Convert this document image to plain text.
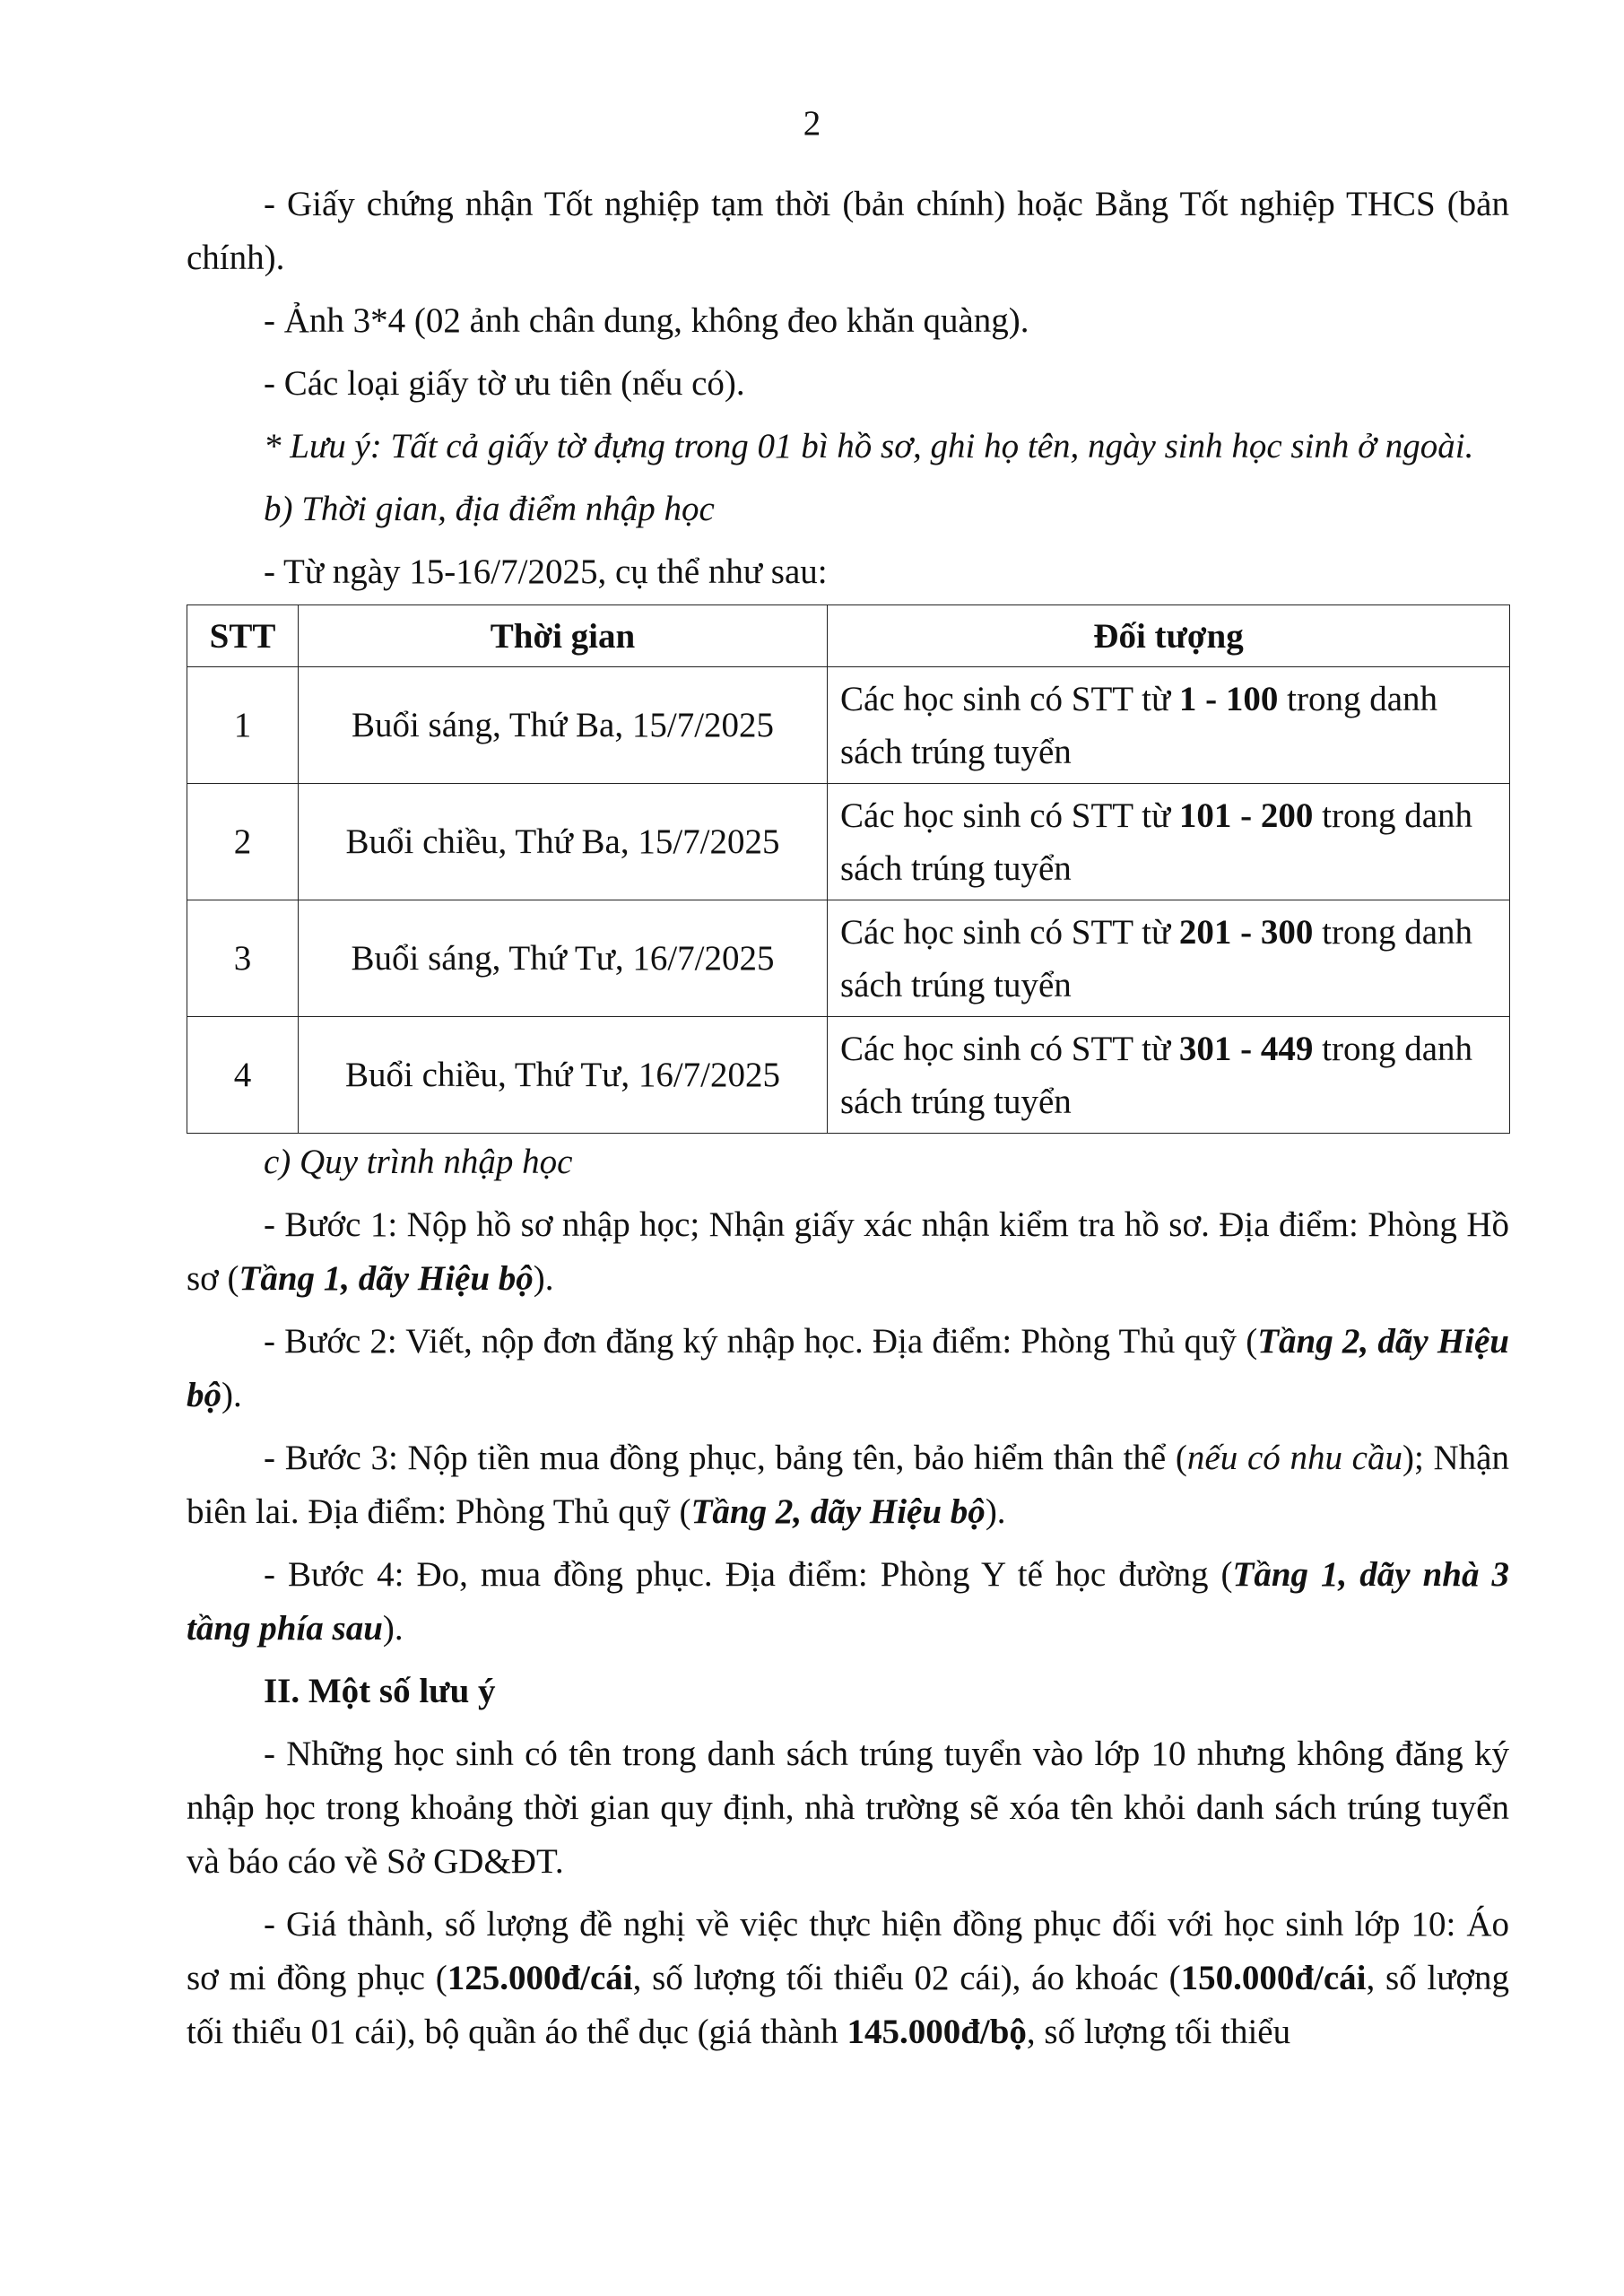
2

- Giấy chứng nhận Tốt nghiệp tạm thời (bản chính) hoặc Bằng Tốt nghiệp THCS (bản chính).

- Ảnh 3*4 (02 ảnh chân dung, không đeo khăn quàng).

- Các loại giấy tờ ưu tiên (nếu có).

* Lưu ý: Tất cả giấy tờ đựng trong 01 bì hồ sơ, ghi họ tên, ngày sinh học sinh ở ngoài.

b) Thời gian, địa điểm nhập học

- Từ ngày 15-16/7/2025, cụ thể như sau:

STT	Thời gian	Đối tượng
1	Buổi sáng, Thứ Ba, 15/7/2025	Các học sinh có STT từ 1 - 100 trong danh sách trúng tuyển
2	Buổi chiều, Thứ Ba, 15/7/2025	Các học sinh có STT từ 101 - 200 trong danh sách trúng tuyển
3	Buổi sáng, Thứ Tư, 16/7/2025	Các học sinh có STT từ 201 - 300 trong danh sách trúng tuyển
4	Buổi chiều, Thứ Tư, 16/7/2025	Các học sinh có STT từ 301 - 449 trong danh sách trúng tuyển

c) Quy trình nhập học

- Bước 1: Nộp hồ sơ nhập học; Nhận giấy xác nhận kiểm tra hồ sơ. Địa điểm: Phòng Hồ sơ (Tầng 1, dãy Hiệu bộ).

- Bước 2: Viết, nộp đơn đăng ký nhập học. Địa điểm: Phòng Thủ quỹ (Tầng 2, dãy Hiệu bộ).

- Bước 3: Nộp tiền mua đồng phục, bảng tên, bảo hiểm thân thể (nếu có nhu cầu); Nhận biên lai. Địa điểm: Phòng Thủ quỹ (Tầng 2, dãy Hiệu bộ).

- Bước 4: Đo, mua đồng phục. Địa điểm: Phòng Y tế học đường (Tầng 1, dãy nhà 3 tầng phía sau).

II. Một số lưu ý

- Những học sinh có tên trong danh sách trúng tuyển vào lớp 10 nhưng không đăng ký nhập học trong khoảng thời gian quy định, nhà trường sẽ xóa tên khỏi danh sách trúng tuyển và báo cáo về Sở GD&ĐT.

- Giá thành, số lượng đề nghị về việc thực hiện đồng phục đối với học sinh lớp 10: Áo sơ mi đồng phục (125.000đ/cái, số lượng tối thiểu 02 cái), áo khoác (150.000đ/cái, số lượng tối thiểu 01 cái), bộ quần áo thể dục (giá thành 145.000đ/bộ, số lượng tối thiểu
